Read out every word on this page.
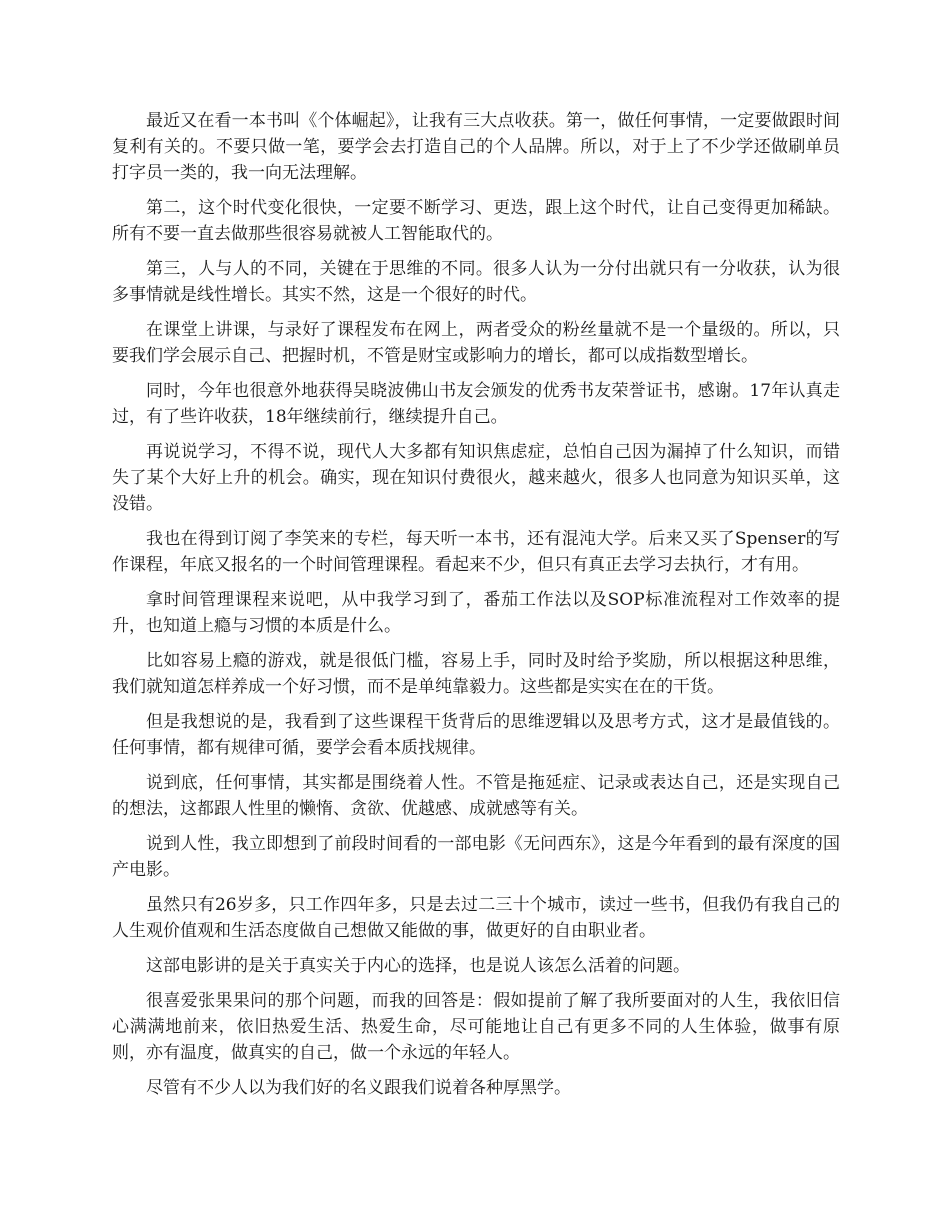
最近又在看一本书叫《个体崛起》，让我有三大点收获。第一，做任何事情，一定要做跟时间复利有关的。不要只做一笔，要学会去打造自己的个人品牌。所以，对于上了不少学还做刷单员打字员一类的，我一向无法理解。

第二，这个时代变化很快，一定要不断学习、更迭，跟上这个时代，让自己变得更加稀缺。所有不要一直去做那些很容易就被人工智能取代的。

第三，人与人的不同，关键在于思维的不同。很多人认为一分付出就只有一分收获，认为很多事情就是线性增长。其实不然，这是一个很好的时代。

在课堂上讲课，与录好了课程发布在网上，两者受众的粉丝量就不是一个量级的。所以，只要我们学会展示自己、把握时机，不管是财宝或影响力的增长，都可以成指数型增长。

同时，今年也很意外地获得吴晓波佛山书友会颁发的优秀书友荣誉证书，感谢。17年认真走过，有了些许收获，18年继续前行，继续提升自己。

再说说学习，不得不说，现代人大多都有知识焦虑症，总怕自己因为漏掉了什么知识，而错失了某个大好上升的机会。确实，现在知识付费很火，越来越火，很多人也同意为知识买单，这没错。

我也在得到订阅了李笑来的专栏，每天听一本书，还有混沌大学。后来又买了Spenser的写作课程，年底又报名的一个时间管理课程。看起来不少，但只有真正去学习去执行，才有用。

拿时间管理课程来说吧，从中我学习到了，番茄工作法以及SOP标准流程对工作效率的提升，也知道上瘾与习惯的本质是什么。

比如容易上瘾的游戏，就是很低门槛，容易上手，同时及时给予奖励，所以根据这种思维，我们就知道怎样养成一个好习惯，而不是单纯靠毅力。这些都是实实在在的干货。

但是我想说的是，我看到了这些课程干货背后的思维逻辑以及思考方式，这才是最值钱的。任何事情，都有规律可循，要学会看本质找规律。

说到底，任何事情，其实都是围绕着人性。不管是拖延症、记录或表达自己，还是实现自己的想法，这都跟人性里的懒惰、贪欲、优越感、成就感等有关。

说到人性，我立即想到了前段时间看的一部电影《无问西东》，这是今年看到的最有深度的国产电影。

虽然只有26岁多，只工作四年多，只是去过二三十个城市，读过一些书，但我仍有我自己的人生观价值观和生活态度做自己想做又能做的事，做更好的自由职业者。

这部电影讲的是关于真实关于内心的选择，也是说人该怎么活着的问题。

很喜爱张果果问的那个问题，而我的回答是：假如提前了解了我所要面对的人生，我依旧信心满满地前来，依旧热爱生活、热爱生命，尽可能地让自己有更多不同的人生体验，做事有原则，亦有温度，做真实的自己，做一个永远的年轻人。

尽管有不少人以为我们好的名义跟我们说着各种厚黑学。
